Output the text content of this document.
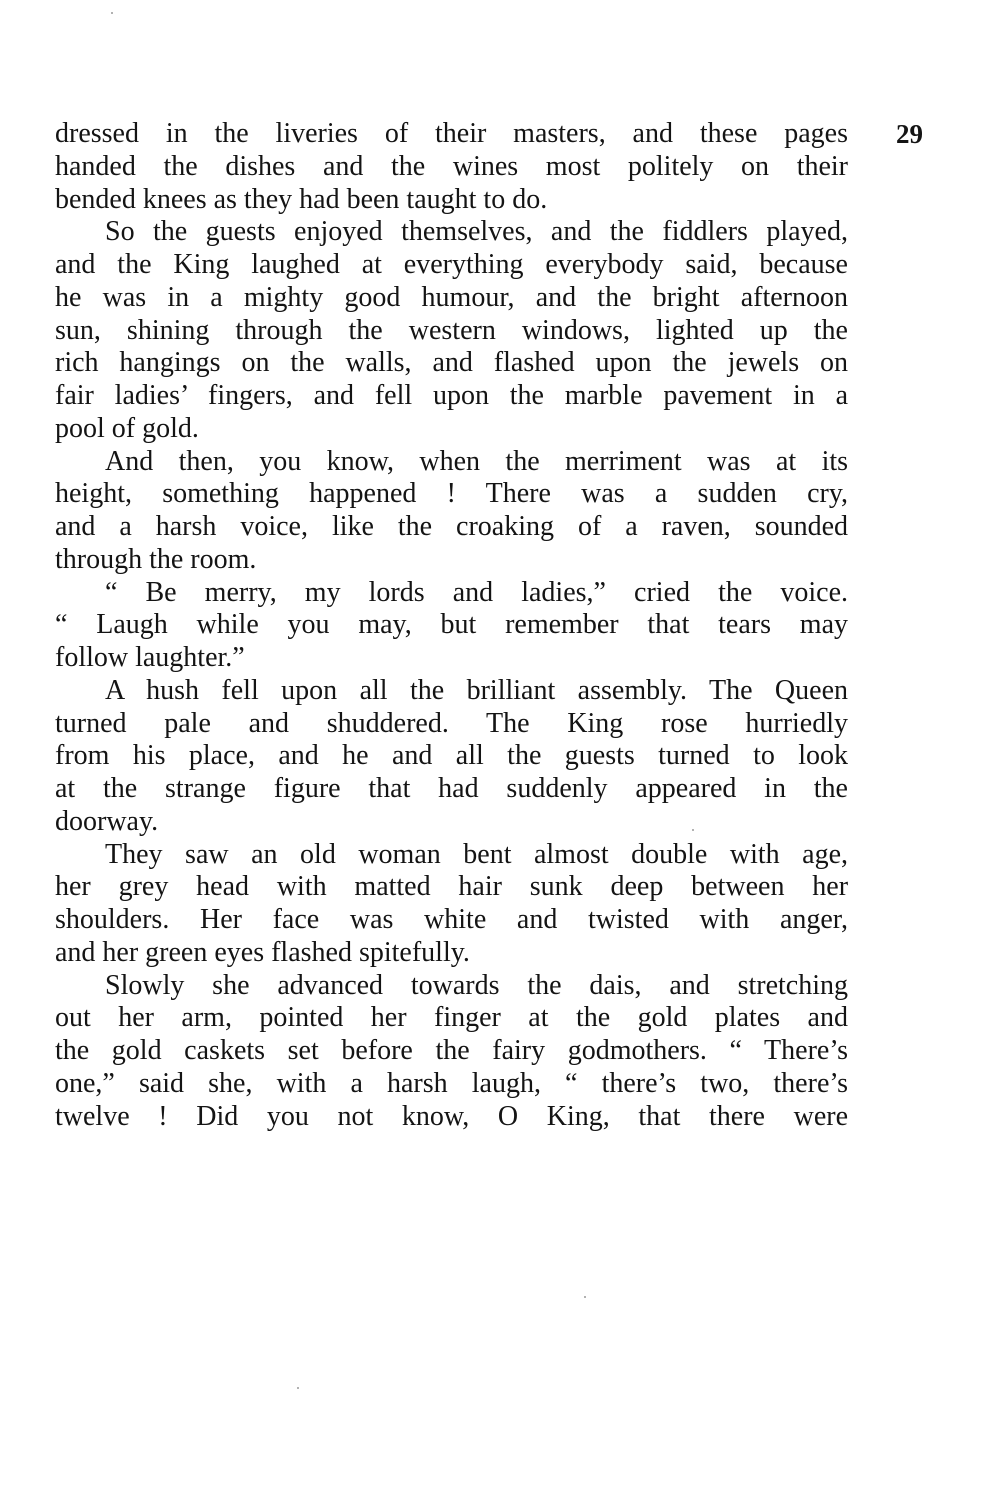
29
dressed in the liveries of their masters, and these pages
handed the dishes and the wines most politely on their
bended knees as they had been taught to do.
So the guests enjoyed themselves, and the fiddlers played,
and the King laughed at everything everybody said, because
he was in a mighty good humour, and the bright afternoon
sun, shining through the western windows, lighted up the
rich hangings on the walls, and flashed upon the jewels on
fair ladies’ fingers, and fell upon the marble pavement in a
pool of gold.
And then, you know, when the merriment was at its
height, something happened ! There was a sudden cry,
and a harsh voice, like the croaking of a raven, sounded
through the room.
“ Be merry, my lords and ladies,” cried the voice.
“ Laugh while you may, but remember that tears may
follow laughter.”
A hush fell upon all the brilliant assembly. The Queen
turned pale and shuddered. The King rose hurriedly
from his place, and he and all the guests turned to look
at the strange figure that had suddenly appeared in the
doorway.
They saw an old woman bent almost double with age,
her grey head with matted hair sunk deep between her
shoulders. Her face was white and twisted with anger,
and her green eyes flashed spitefully.
Slowly she advanced towards the dais, and stretching
out her arm, pointed her finger at the gold plates and
the gold caskets set before the fairy godmothers. “ There’s
one,” said she, with a harsh laugh, “ there’s two, there’s
twelve ! Did you not know, O King, that there were
